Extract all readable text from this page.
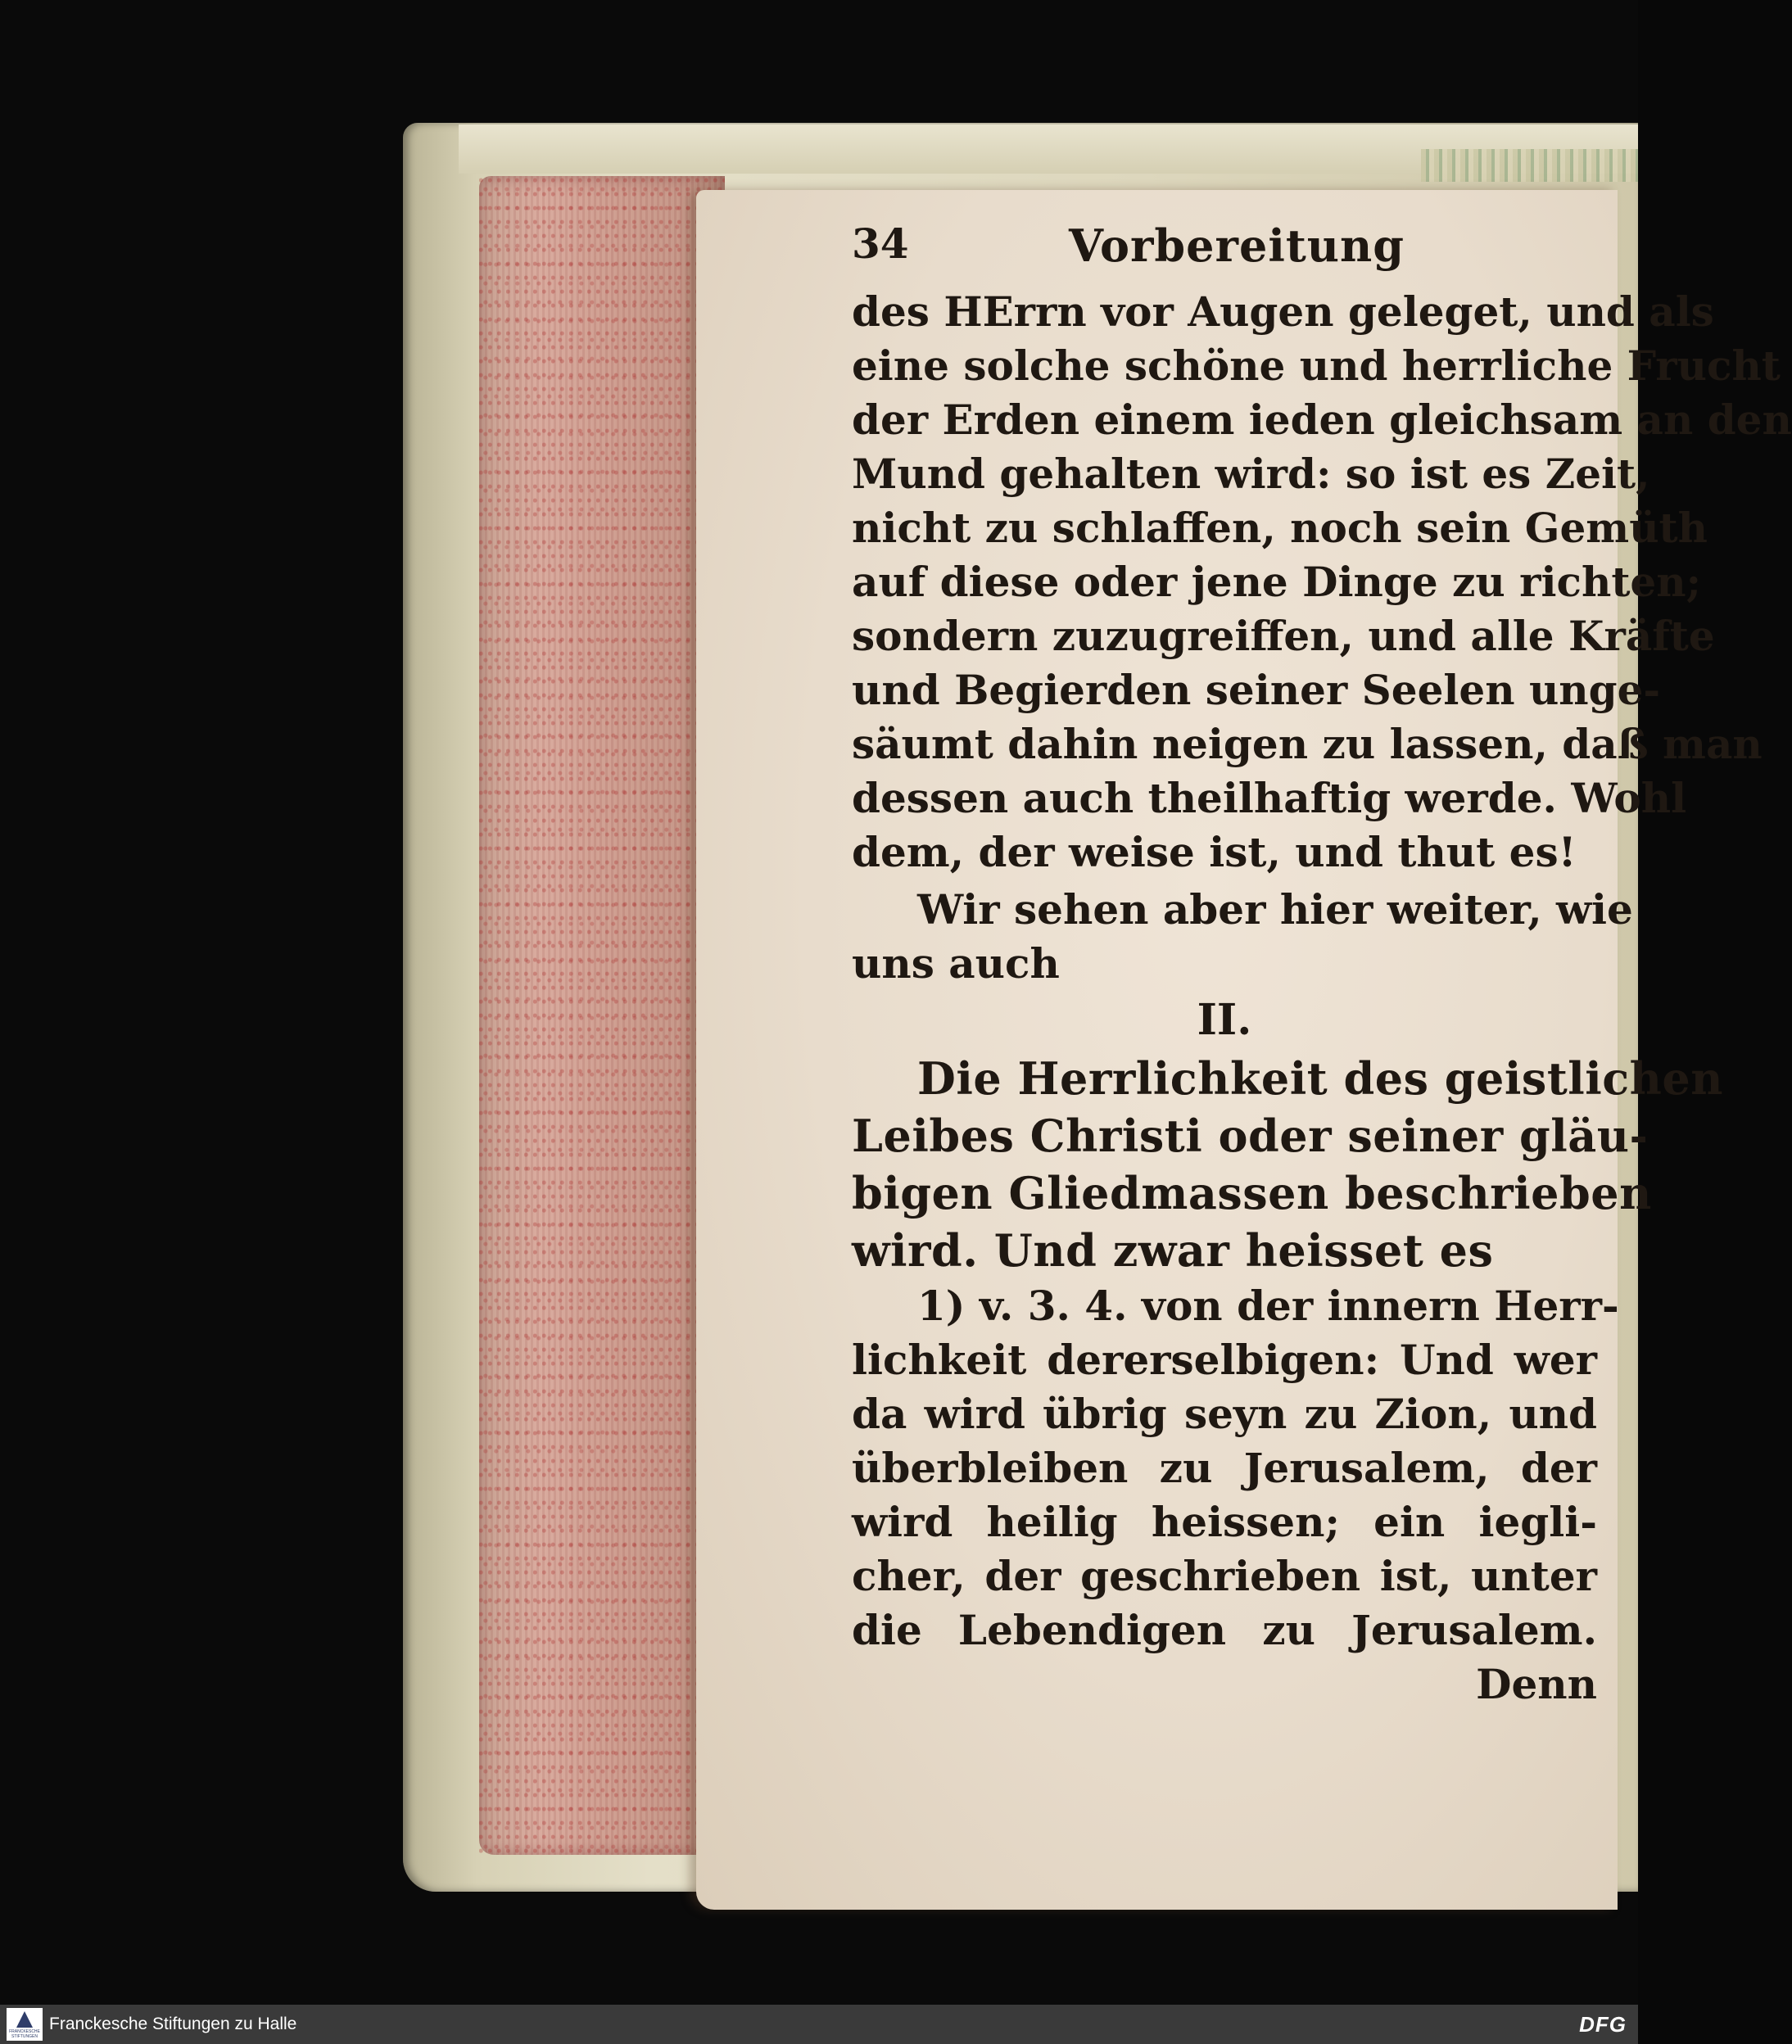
34	Vorbereitung
des HErrn vor Augen geleget, und als
eine solche schöne und herrliche Frucht
der Erden einem ieden gleichsam an den
Mund gehalten wird: so ist es Zeit,
nicht zu schlaffen, noch sein Gemüth
auf diese oder jene Dinge zu richten;
sondern zuzugreiffen, und alle Kräfte
und Begierden seiner Seelen unge-
säumt dahin neigen zu lassen, daß man
dessen auch theilhaftig werde. Wohl
dem, der weise ist, und thut es!
Wir sehen aber hier weiter, wie
uns auch
II.
Die Herrlichkeit des geistlichen
Leibes Christi oder seiner gläu-
bigen Gliedmassen beschrieben
wird. Und zwar heisset es
1) v. 3. 4. von der innern Herr-
lichkeit dererselbigen: Und wer
da wird übrig seyn zu Zion, und
überbleiben zu Jerusalem, der
wird heilig heissen; ein iegli-
cher, der geschrieben ist, unter
die Lebendigen zu Jerusalem.
Denn
FRANCKESCHE STIFTUNGEN
Franckesche Stiftungen zu Halle	DFG
